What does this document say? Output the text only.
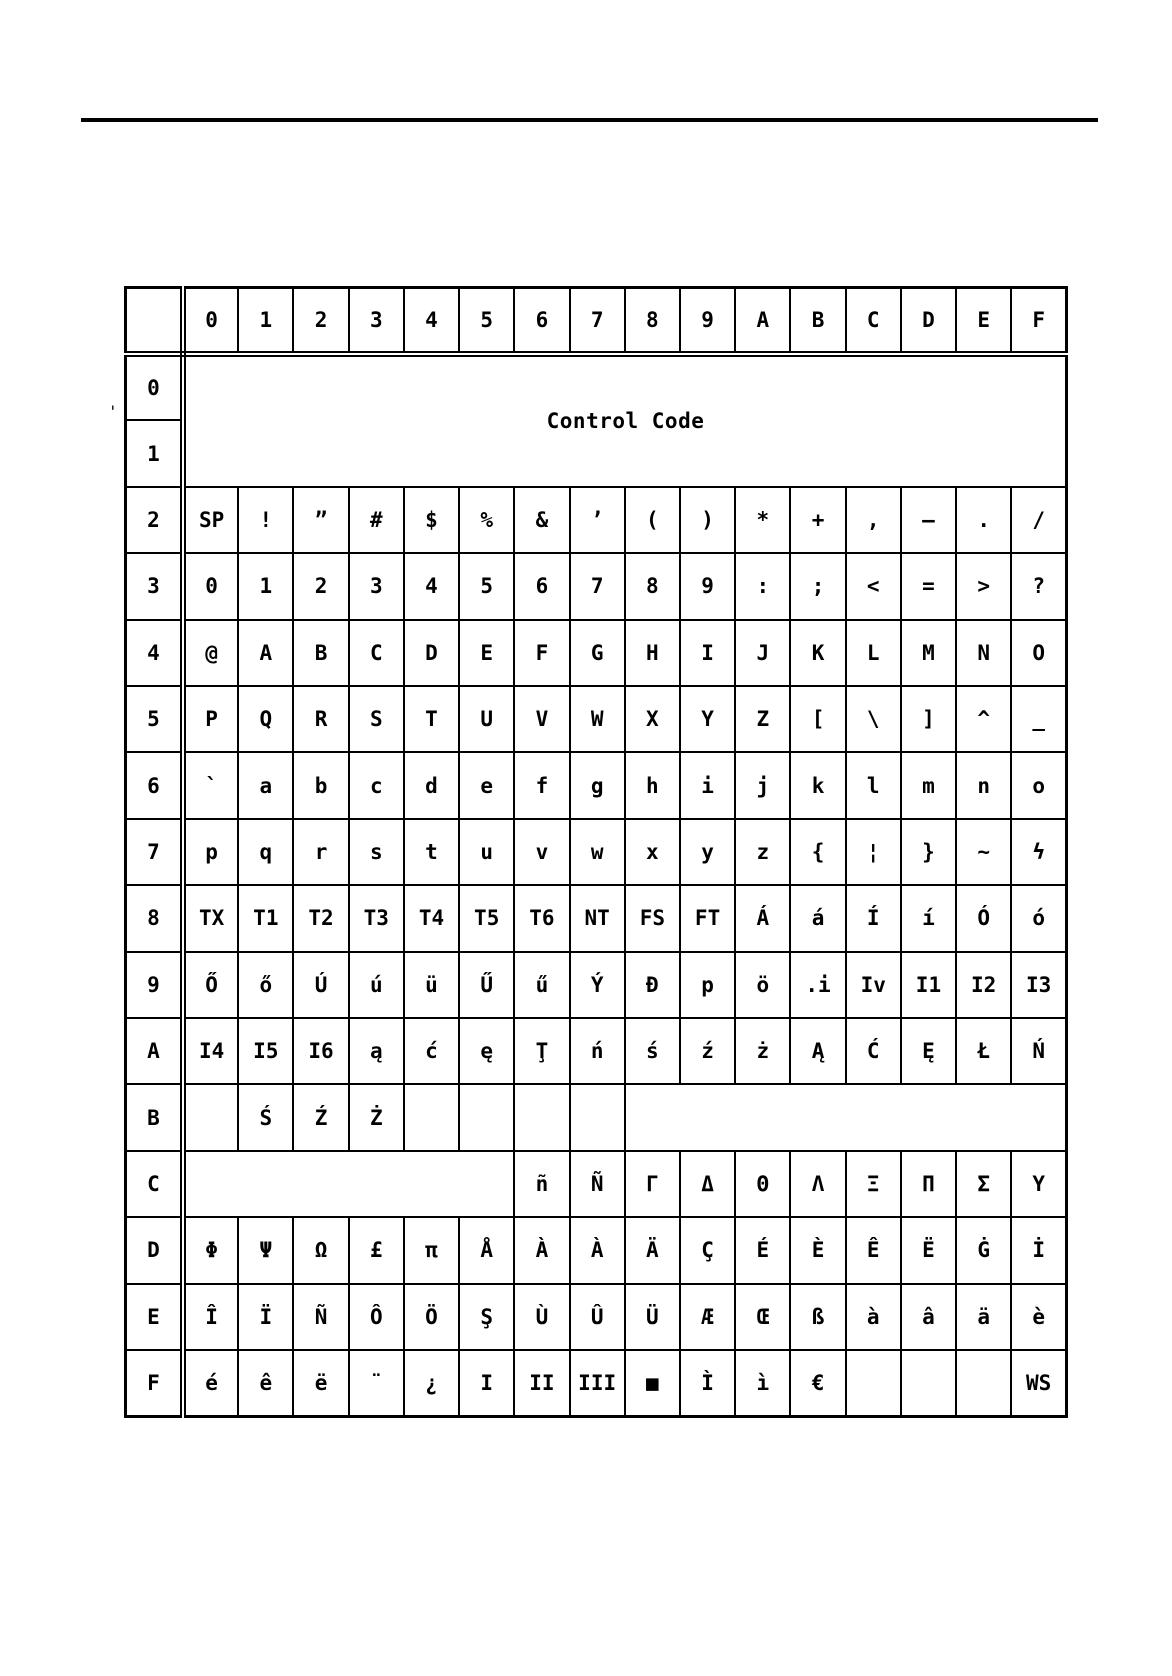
'
	0	1	2	3	4	5	6	7	8	9	A	B	C	D	E	F
0	Control Code															
1																
2	SP	!	”	#	$	%	&	’	(	)	*	+	,	–	.	/
3	0	1	2	3	4	5	6	7	8	9	:	;	<	=	>	?
4	@	A	B	C	D	E	F	G	H	I	J	K	L	M	N	O
5	P	Q	R	S	T	U	V	W	X	Y	Z	[	\	]	^	_
6	`	a	b	c	d	e	f	g	h	i	j	k	l	m	n	o
7	p	q	r	s	t	u	v	w	x	y	z	{	¦	}	~	ϟ
8	TX	T1	T2	T3	T4	T5	T6	NT	FS	FT	Á	á	Í	í	Ó	ó
9	Ő	ő	Ú	ú	ü	Ű	ű	Ý	Đ	p	ö	.i	Iv	I1	I2	I3
A	I4	I5	I6	ą	ć	ę	Ţ	ń	ś	ź	ż	Ą	Ć	Ę	Ł	Ń
B		Ś	Ź	Ż												
C							ñ	Ñ	Γ	Δ	Θ	Λ	Ξ	Π	Σ	Υ
D	Φ	Ψ	Ω	£	π	Å	À	À	Ä	Ç	É	È	Ê	Ë	Ġ	İ
E	Î	Ï	Ñ	Ô	Ö	Ş	Ù	Û	Ü	Æ	Œ	ß	à	â	ä	è
F	é	ê	ë	¨	¿	I	II	III	■	Ì	ì	€				WS
